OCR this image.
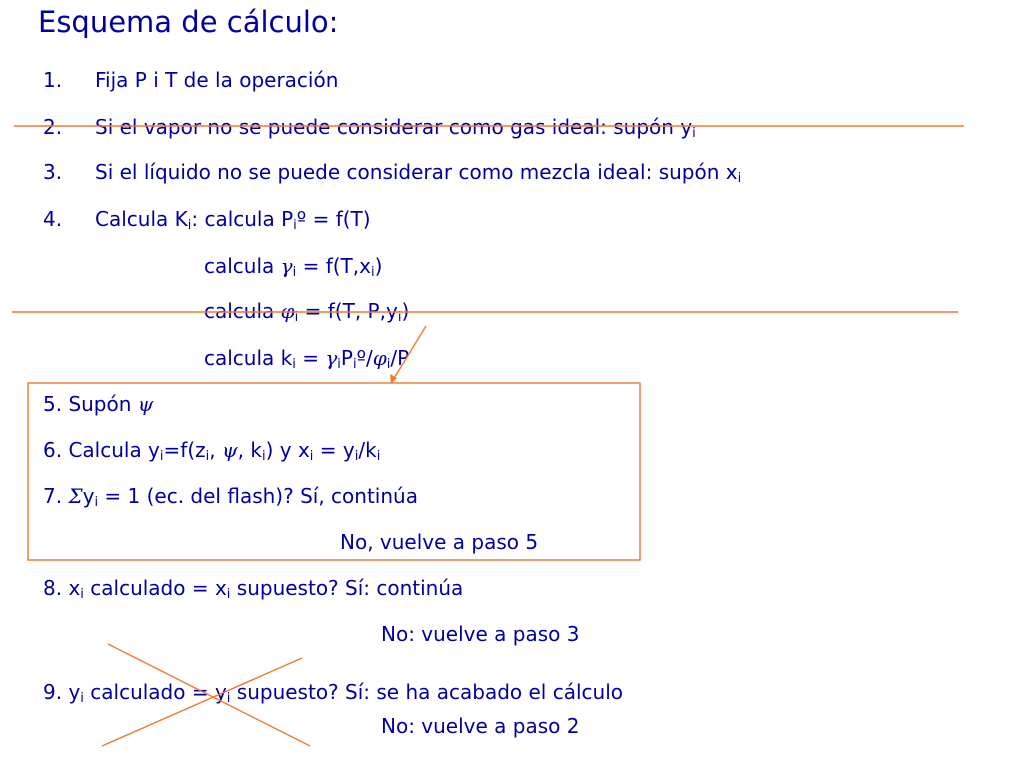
Esquema de cálculo:
1. Fija P i T de la operación
2. Si el vapor no se puede considerar como gas ideal: supón $y_i$
3. Si el líquido no se puede considerar como mezcla ideal: supón $x_i$
4. Calcula $K_i$: calcula $P_iº = f(T)$
calcula $\gamma_i = f(T,x_i)$
calcula $\varphi_i = f(T$, $P,y_i$)
calcula $k_i$ = $\gamma_iP_iº/\varphi_i/P$
5. Supón ψ
6. Calcula $y_i=f(z_i$, ψ, $k_i$) y $x_i = y_i/k_i$
7. $\Sigma y_i = 1$ (ec. del flash)? Sí, continúa
No, vuelve a paso 5
8. $x_i$ calculado = $x_i$ supuesto? Sí: continúa
No: vuelve a paso 3
9. $y_i$ calculado = $y_i$ supuesto? Sí: se ha acabado el cálculo
No: vuelve a paso 2
